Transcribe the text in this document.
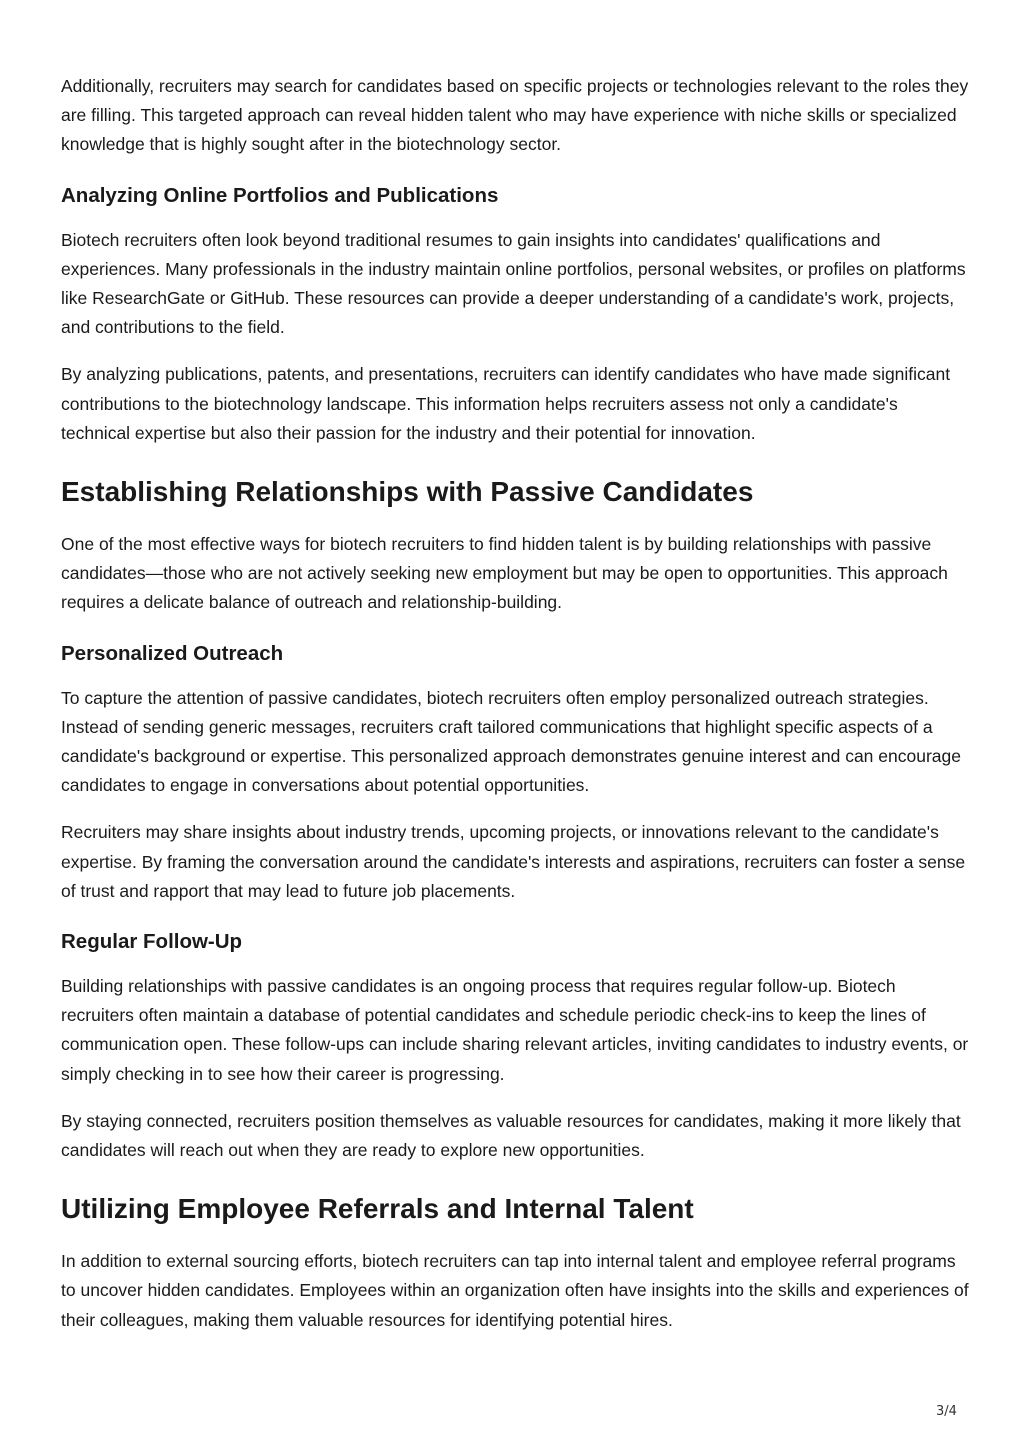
Additionally, recruiters may search for candidates based on specific projects or technologies relevant to the roles they are filling. This targeted approach can reveal hidden talent who may have experience with niche skills or specialized knowledge that is highly sought after in the biotechnology sector.

Analyzing Online Portfolios and Publications

Biotech recruiters often look beyond traditional resumes to gain insights into candidates' qualifications and experiences. Many professionals in the industry maintain online portfolios, personal websites, or profiles on platforms like ResearchGate or GitHub. These resources can provide a deeper understanding of a candidate's work, projects, and contributions to the field.

By analyzing publications, patents, and presentations, recruiters can identify candidates who have made significant contributions to the biotechnology landscape. This information helps recruiters assess not only a candidate's technical expertise but also their passion for the industry and their potential for innovation.

Establishing Relationships with Passive Candidates

One of the most effective ways for biotech recruiters to find hidden talent is by building relationships with passive candidates—those who are not actively seeking new employment but may be open to opportunities. This approach requires a delicate balance of outreach and relationship-building.

Personalized Outreach

To capture the attention of passive candidates, biotech recruiters often employ personalized outreach strategies. Instead of sending generic messages, recruiters craft tailored communications that highlight specific aspects of a candidate's background or expertise. This personalized approach demonstrates genuine interest and can encourage candidates to engage in conversations about potential opportunities.

Recruiters may share insights about industry trends, upcoming projects, or innovations relevant to the candidate's expertise. By framing the conversation around the candidate's interests and aspirations, recruiters can foster a sense of trust and rapport that may lead to future job placements.

Regular Follow-Up

Building relationships with passive candidates is an ongoing process that requires regular follow-up. Biotech recruiters often maintain a database of potential candidates and schedule periodic check-ins to keep the lines of communication open. These follow-ups can include sharing relevant articles, inviting candidates to industry events, or simply checking in to see how their career is progressing.

By staying connected, recruiters position themselves as valuable resources for candidates, making it more likely that candidates will reach out when they are ready to explore new opportunities.

Utilizing Employee Referrals and Internal Talent

In addition to external sourcing efforts, biotech recruiters can tap into internal talent and employee referral programs to uncover hidden candidates. Employees within an organization often have insights into the skills and experiences of their colleagues, making them valuable resources for identifying potential hires.

3/4
